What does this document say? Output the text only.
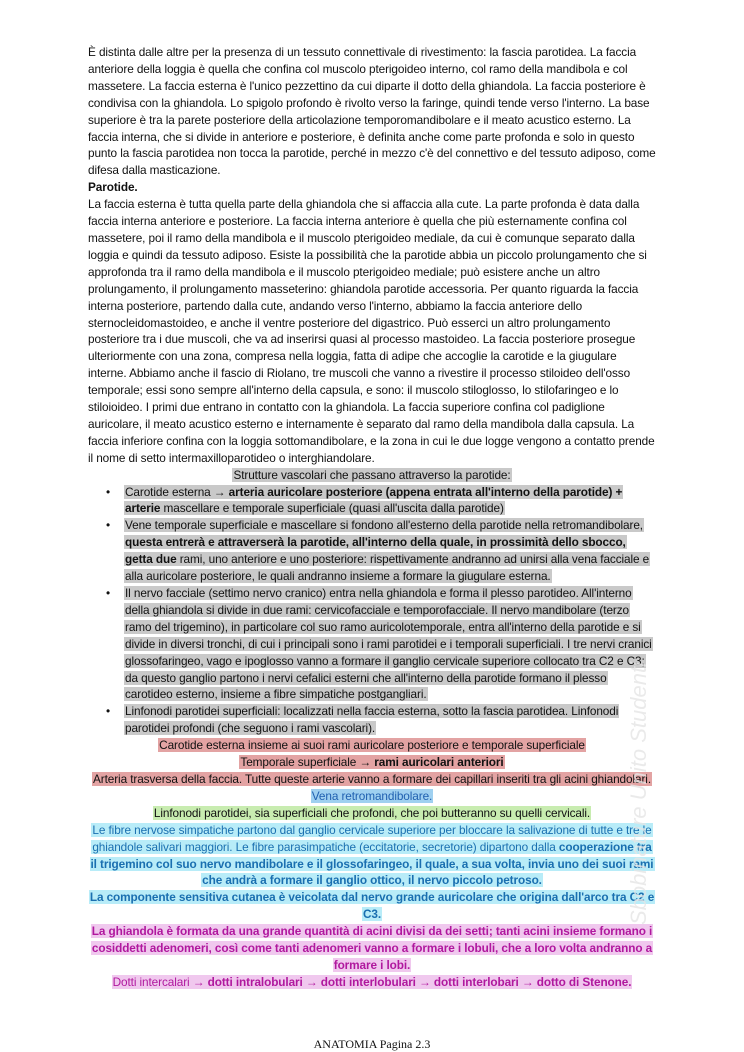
È distinta dalle altre per la presenza di un tessuto connettivale di rivestimento: la fascia parotidea. La faccia anteriore della loggia è quella che confina col muscolo pterigoideo interno, col ramo della mandibola e col massetere. La faccia esterna è l'unico pezzettino da cui diparte il dotto della ghiandola. La faccia posteriore è condivisa con la ghiandola. Lo spigolo profondo è rivolto verso la faringe, quindi tende verso l'interno. La base superiore è tra la parete posteriore della articolazione temporomandibolare e il meato acustico esterno. La faccia interna, che si divide in anteriore e posteriore, è definita anche come parte profonda e solo in questo punto la fascia parotidea non tocca la parotide, perché in mezzo c'è del connettivo e del tessuto adiposo, come difesa dalla masticazione.

Parotide.

La faccia esterna è tutta quella parte della ghiandola che si affaccia alla cute. La parte profonda è data dalla faccia interna anteriore e posteriore. La faccia interna anteriore è quella che più esternamente confina col massetere, poi il ramo della mandibola e il muscolo pterigoideo mediale, da cui è comunque separato dalla loggia e quindi da tessuto adiposo. Esiste la possibilità che la parotide abbia un piccolo prolungamento che si approfonda tra il ramo della mandibola e il muscolo pterigoideo mediale; può esistere anche un altro prolungamento, il prolungamento masseterino: ghiandola parotide accessoria. Per quanto riguarda la faccia interna posteriore, partendo dalla cute, andando verso l'interno, abbiamo la faccia anteriore dello sternocleidomastoideo, e anche il ventre posteriore del digastrico. Può esserci un altro prolungamento posteriore tra i due muscoli, che va ad inserirsi quasi al processo mastoideo. La faccia posteriore prosegue ulteriormente con una zona, compresa nella loggia, fatta di adipe che accoglie la carotide e la giugulare interne. Abbiamo anche il fascio di Riolano, tre muscoli che vanno a rivestire il processo stiloideo dell'osso temporale; essi sono sempre all'interno della capsula, e sono: il muscolo stiloglosso, lo stilofaringeo e lo stiloioideo. I primi due entrano in contatto con la ghiandola. La faccia superiore confina col padiglione auricolare, il meato acustico esterno e internamente è separato dal ramo della mandibola dalla capsula. La faccia inferiore confina con la loggia sottomandibolare, e la zona in cui le due logge vengono a contatto prende il nome di setto intermaxilloparotideo o interghiandolare.

Strutture vascolari che passano attraverso la parotide:

• Carotide esterna → arteria auricolare posteriore (appena entrata all'interno della parotide) + arterie mascellare e temporale superficiale (quasi all'uscita dalla parotide)
• Vene temporale superficiale e mascellare si fondono all'esterno della parotide nella retromandibolare, questa entrerà e attraverserà la parotide, all'interno della quale, in prossimità dello sbocco, getta due rami, uno anteriore e uno posteriore: rispettivamente andranno ad unirsi alla vena facciale e alla auricolare posteriore, le quali andranno insieme a formare la giugulare esterna.
• Il nervo facciale (settimo nervo cranico) entra nella ghiandola e forma il plesso parotideo. All'interno della ghiandola si divide in due rami: cervicofacciale e temporofacciale. Il nervo mandibolare (terzo ramo del trigemino), in particolare col suo ramo auricolotemporale, entra all'interno della parotide e si divide in diversi tronchi, di cui i principali sono i rami parotidei e i temporali superficiali. I tre nervi cranici glossofaringeo, vago e ipoglosso vanno a formare il ganglio cervicale superiore collocato tra C2 e C3; da questo ganglio partono i nervi cefalici esterni che all'interno della parotide formano il plesso carotideo esterno, insieme a fibre simpatiche postgangliari.
• Linfonodi parotidei superficiali: localizzati nella faccia esterna, sotto la fascia parotidea. Linfonodi parotidei profondi (che seguono i rami vascolari).

Carotide esterna insieme ai suoi rami auricolare posteriore e temporale superficiale

Temporale superficiale → rami auricolari anteriori

Arteria trasversa della faccia. Tutte queste arterie vanno a formare dei capillari inseriti tra gli acini ghiandolari.

Vena retromandibolare.

Linfonodi parotidei, sia superficiali che profondi, che poi butteranno su quelli cervicali.

Le fibre nervose simpatiche partono dal ganglio cervicale superiore per bloccare la salivazione di tutte e tre le ghiandole salivari maggiori. Le fibre parasimpatiche (eccitatorie, secretorie) dipartono dalla cooperazione tra il trigemino col suo nervo mandibolare e il glossofaringeo, il quale, a sua volta, invia uno dei suoi rami che andrà a formare il ganglio ottico, il nervo piccolo petroso.

La componente sensitiva cutanea è veicolata dal nervo grande auricolare che origina dall'arco tra C2 e C3.

La ghiandola è formata da una grande quantità di acini divisi da dei setti; tanti acini insieme formano i cosiddetti adenomeri, così come tanti adenomeri vanno a formare i lobuli, che a loro volta andranno a formare i lobi.

Dotti intercalari → dotti intralobulari → dotti interlobulari → dotti interlobari → dotto di Stenone.

Sbobinature Unito Studenti
ANATOMIA Pagina 2.3
